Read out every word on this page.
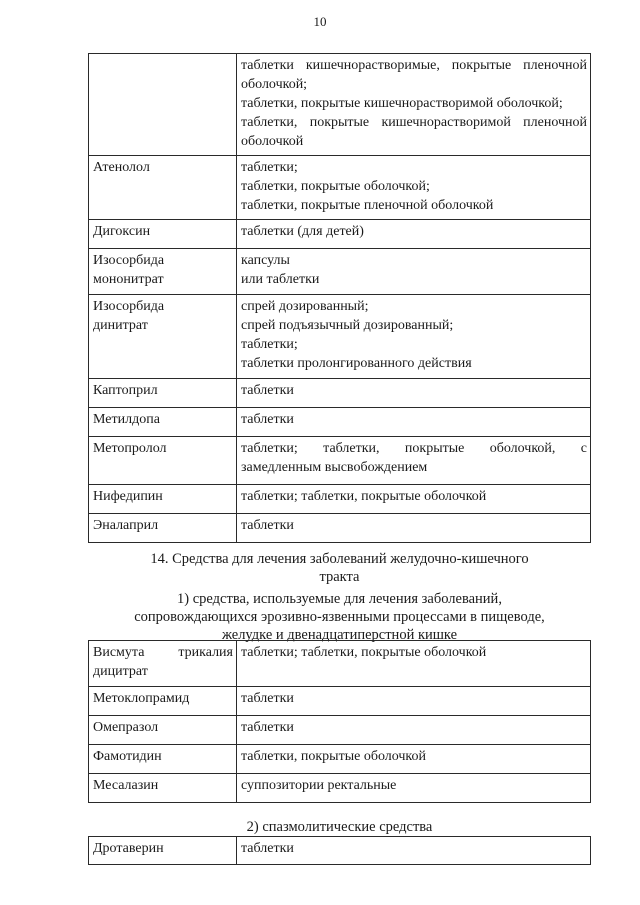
10

	таблетки кишечнорастворимые, покрытые пленочной
оболочкой;
таблетки, покрытые кишечнорастворимой оболочкой;
таблетки, покрытые кишечнорастворимой пленочной
оболочкой

Атенолол	таблетки;
таблетки, покрытые оболочкой;
таблетки, покрытые пленочной оболочкой

Дигоксин	таблетки (для детей)

Изосорбида
мононитрат	капсулы
или таблетки

Изосорбида
динитрат	спрей дозированный;
спрей подъязычный дозированный;
таблетки;
таблетки пролонгированного действия

Каптоприл	таблетки

Метилдопа	таблетки

Метопролол	таблетки; таблетки, покрытые оболочкой, с
замедленным высвобождением

Нифедипин	таблетки; таблетки, покрытые оболочкой

Эналаприл	таблетки
14. Средства для лечения заболеваний желудочно-кишечного
тракта
1) средства, используемые для лечения заболеваний,
сопровождающихся эрозивно-язвенными процессами в пищеводе,
желудке и двенадцатиперстной кишке
Висмута трикалия
дицитрат	таблетки; таблетки, покрытые оболочкой

Метоклопрамид	таблетки

Омепразол	таблетки

Фамотидин	таблетки, покрытые оболочкой

Месалазин	суппозитории ректальные
2) спазмолитические средства
Дротаверин	таблетки
